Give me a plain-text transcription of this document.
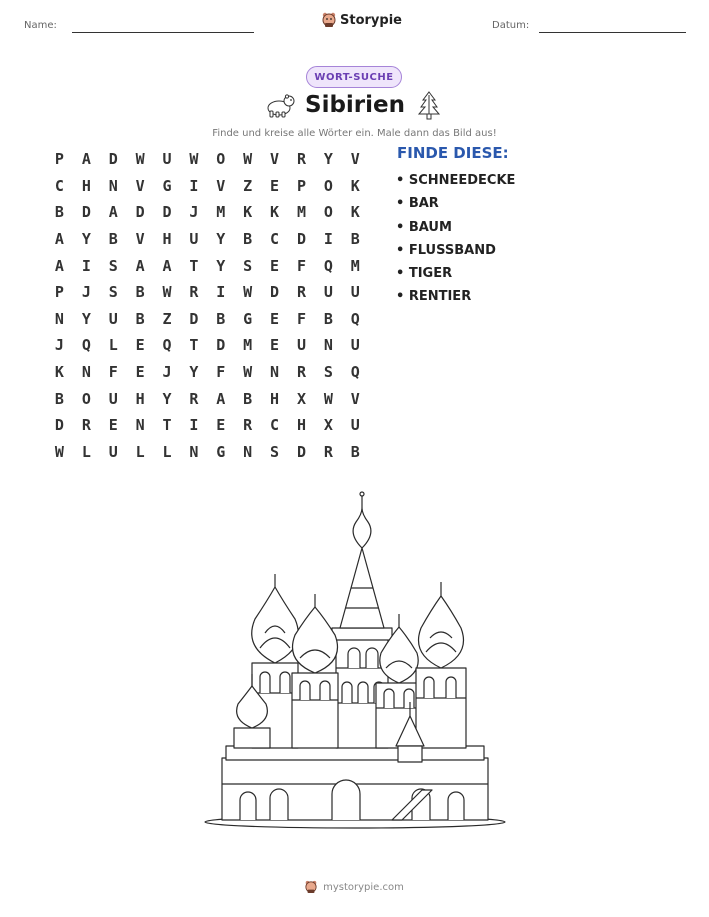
Name:	Storypie	Datum:
WORT-SUCHE
Sibirien
Finde und kreise alle Wörter ein. Male dann das Bild aus!
P	A	D	W	U	W	O	W	V	R	Y	V
C	H	N	V	G	I	V	Z	E	P	O	K
B	D	A	D	D	J	M	K	K	M	O	K
A	Y	B	V	H	U	Y	B	C	D	I	B
A	I	S	A	A	T	Y	S	E	F	Q	M
P	J	S	B	W	R	I	W	D	R	U	U
N	Y	U	B	Z	D	B	G	E	F	B	Q
J	Q	L	E	Q	T	D	M	E	U	N	U
K	N	F	E	J	Y	F	W	N	R	S	Q
B	O	U	H	Y	R	A	B	H	X	W	V
D	R	E	N	T	I	E	R	C	H	X	U
W	L	U	L	L	N	G	N	S	D	R	B
FINDE DIESE:
• SCHNEEDECKE
• BAR
• BAUM
• FLUSSBAND
• TIGER
• RENTIER
mystorypie.com
